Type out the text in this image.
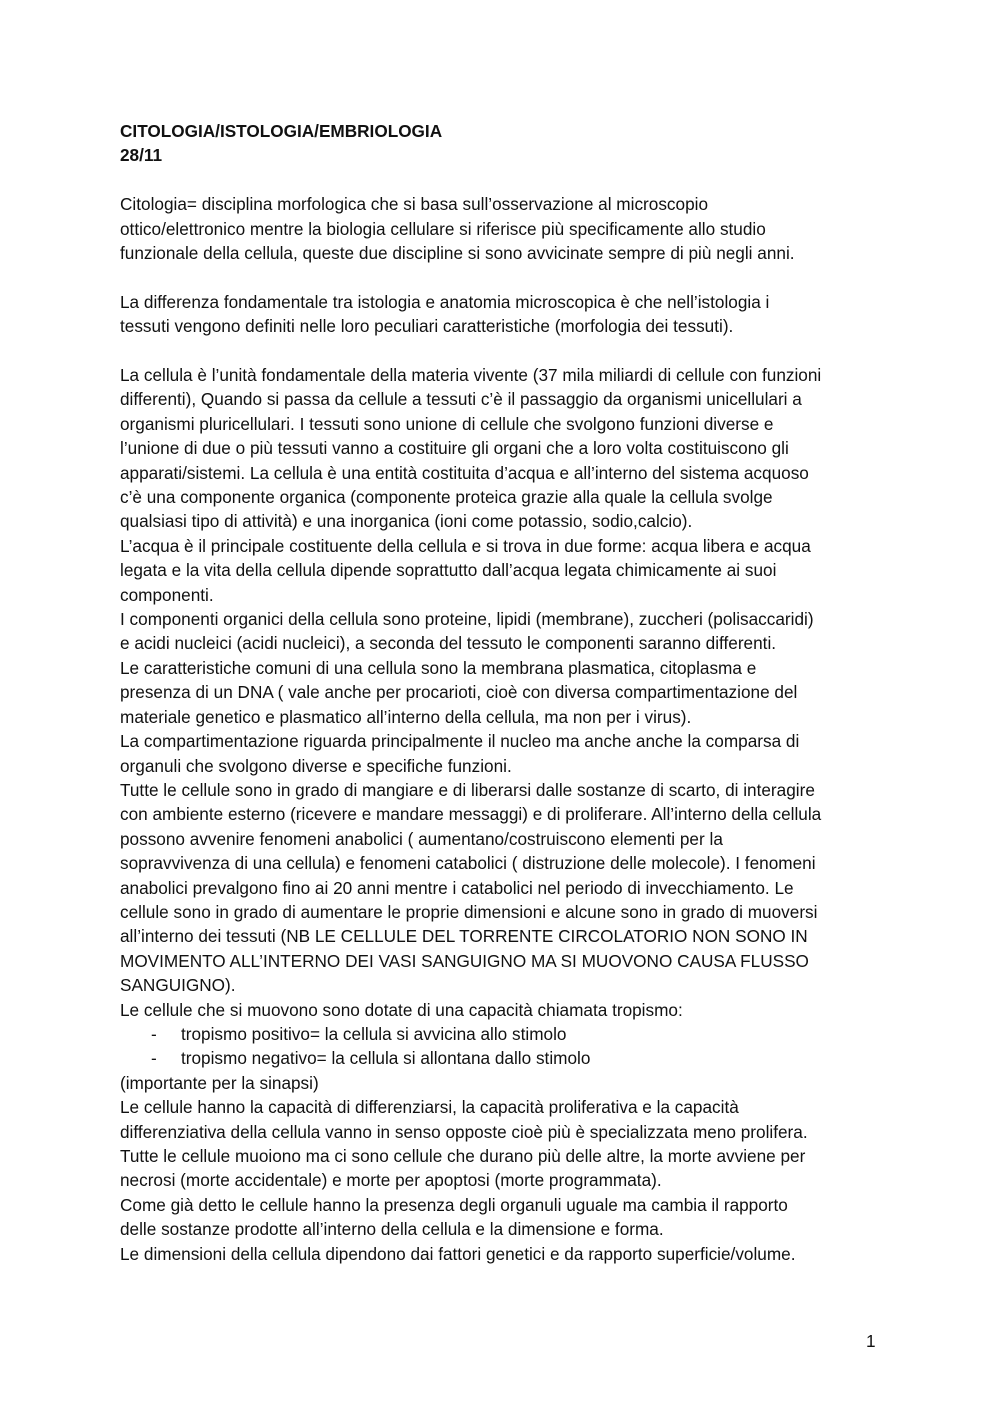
CITOLOGIA/ISTOLOGIA/EMBRIOLOGIA
28/11
Citologia= disciplina morfologica che si basa sull’osservazione al microscopio
ottico/elettronico mentre la biologia cellulare si riferisce più specificamente allo studio
funzionale della cellula, queste due discipline si sono avvicinate sempre di più negli anni.
La differenza fondamentale tra istologia e anatomia microscopica è che nell’istologia i
tessuti vengono definiti nelle loro peculiari caratteristiche (morfologia dei tessuti).
La cellula è l’unità fondamentale della materia vivente (37 mila miliardi di cellule con funzioni
differenti), Quando si passa da cellule a tessuti c’è il passaggio da organismi unicellulari a
organismi pluricellulari. I tessuti sono unione di cellule che svolgono funzioni diverse e
l’unione di due o più tessuti vanno a costituire gli organi che a loro volta costituiscono gli
apparati/sistemi. La cellula è una entità costituita d’acqua e all’interno del sistema acquoso
c’è una componente organica (componente proteica grazie alla quale la cellula svolge
qualsiasi tipo di attività) e una inorganica (ioni come potassio, sodio,calcio).
L’acqua è il principale costituente della cellula e si trova in due forme: acqua libera e acqua
legata e la vita della cellula dipende soprattutto dall’acqua legata chimicamente ai suoi
componenti.
I componenti organici della cellula sono proteine, lipidi (membrane), zuccheri (polisaccaridi)
e acidi nucleici (acidi nucleici), a seconda del tessuto le componenti saranno differenti.
Le caratteristiche comuni di una cellula sono la membrana plasmatica, citoplasma e
presenza di un DNA ( vale anche per procarioti, cioè con diversa compartimentazione del
materiale genetico e plasmatico all’interno della cellula, ma non per i virus).
La compartimentazione riguarda principalmente il nucleo ma anche anche la comparsa di
organuli che svolgono diverse e specifiche funzioni.
Tutte le cellule sono in grado di mangiare e di liberarsi dalle sostanze di scarto, di interagire
con ambiente esterno (ricevere e mandare messaggi) e di proliferare. All’interno della cellula
possono avvenire fenomeni anabolici ( aumentano/costruiscono elementi per la
sopravvivenza di una cellula) e fenomeni catabolici ( distruzione delle molecole). I fenomeni
anabolici prevalgono fino ai 20 anni mentre i catabolici nel periodo di invecchiamento. Le
cellule sono in grado di aumentare le proprie dimensioni e alcune sono in grado di muoversi
all’interno dei tessuti (NB LE CELLULE DEL TORRENTE CIRCOLATORIO NON SONO IN
MOVIMENTO ALL’INTERNO DEI VASI SANGUIGNO MA SI MUOVONO CAUSA FLUSSO
SANGUIGNO).
Le cellule che si muovono sono dotate di una capacità chiamata tropismo:
- tropismo positivo= la cellula si avvicina allo stimolo
- tropismo negativo= la cellula si allontana dallo stimolo
(importante per la sinapsi)
Le cellule hanno la capacità di differenziarsi, la capacità proliferativa e la capacità
differenziativa della cellula vanno in senso opposte cioè più è specializzata meno prolifera.
Tutte le cellule muoiono ma ci sono cellule che durano più delle altre, la morte avviene per
necrosi (morte accidentale) e morte per apoptosi (morte programmata).
Come già detto le cellule hanno la presenza degli organuli uguale ma cambia il rapporto
delle sostanze prodotte all’interno della cellula e la dimensione e forma.
Le dimensioni della cellula dipendono dai fattori genetici e da rapporto superficie/volume.
1
